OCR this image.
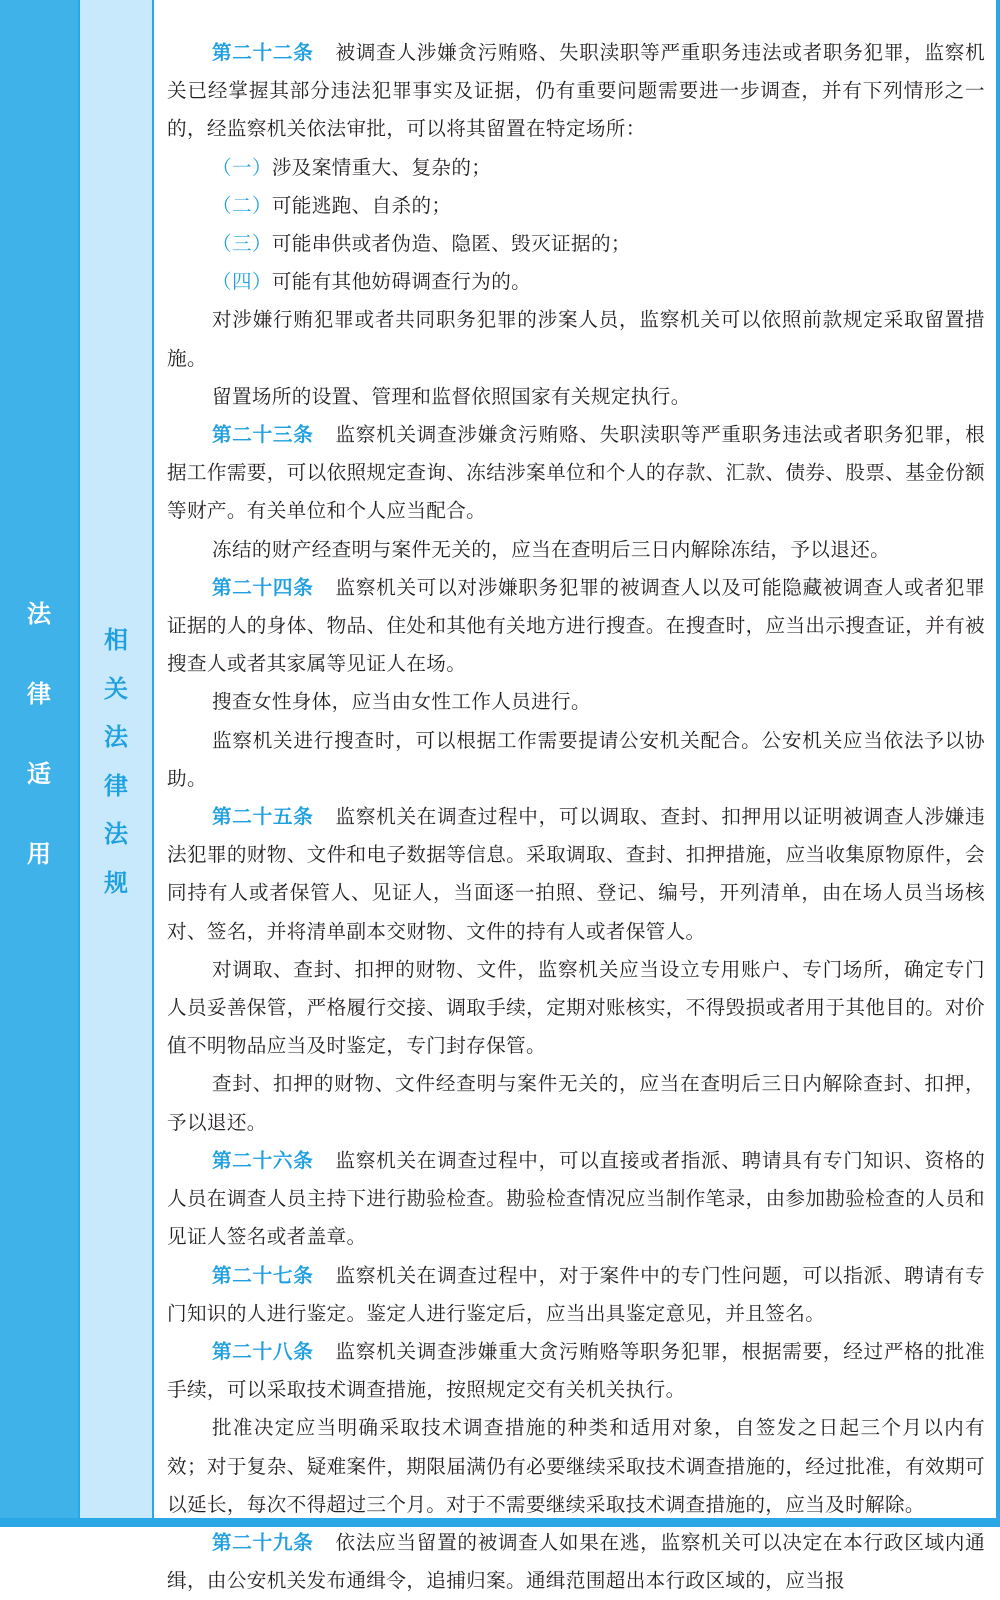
法
律
适
用
相
关
法
律
法
规

第二十二条 被调查人涉嫌贪污贿赂、失职渎职等严重职务违法或者职务犯罪，监察机关已经掌握其部分违法犯罪事实及证据，仍有重要问题需要进一步调查，并有下列情形之一的，经监察机关依法审批，可以将其留置在特定场所：

（一）涉及案情重大、复杂的；

（二）可能逃跑、自杀的；

（三）可能串供或者伪造、隐匿、毁灭证据的；

（四）可能有其他妨碍调查行为的。

对涉嫌行贿犯罪或者共同职务犯罪的涉案人员，监察机关可以依照前款规定采取留置措施。

留置场所的设置、管理和监督依照国家有关规定执行。

第二十三条 监察机关调查涉嫌贪污贿赂、失职渎职等严重职务违法或者职务犯罪，根据工作需要，可以依照规定查询、冻结涉案单位和个人的存款、汇款、债券、股票、基金份额等财产。有关单位和个人应当配合。

冻结的财产经查明与案件无关的，应当在查明后三日内解除冻结，予以退还。

第二十四条 监察机关可以对涉嫌职务犯罪的被调查人以及可能隐藏被调查人或者犯罪证据的人的身体、物品、住处和其他有关地方进行搜查。在搜查时，应当出示搜查证，并有被搜查人或者其家属等见证人在场。

搜查女性身体，应当由女性工作人员进行。

监察机关进行搜查时，可以根据工作需要提请公安机关配合。公安机关应当依法予以协助。

第二十五条 监察机关在调查过程中，可以调取、查封、扣押用以证明被调查人涉嫌违法犯罪的财物、文件和电子数据等信息。采取调取、查封、扣押措施，应当收集原物原件，会同持有人或者保管人、见证人，当面逐一拍照、登记、编号，开列清单，由在场人员当场核对、签名，并将清单副本交财物、文件的持有人或者保管人。

对调取、查封、扣押的财物、文件，监察机关应当设立专用账户、专门场所，确定专门人员妥善保管，严格履行交接、调取手续，定期对账核实，不得毁损或者用于其他目的。对价值不明物品应当及时鉴定，专门封存保管。

查封、扣押的财物、文件经查明与案件无关的，应当在查明后三日内解除查封、扣押，予以退还。

第二十六条 监察机关在调查过程中，可以直接或者指派、聘请具有专门知识、资格的人员在调查人员主持下进行勘验检查。勘验检查情况应当制作笔录，由参加勘验检查的人员和见证人签名或者盖章。

第二十七条 监察机关在调查过程中，对于案件中的专门性问题，可以指派、聘请有专门知识的人进行鉴定。鉴定人进行鉴定后，应当出具鉴定意见，并且签名。

第二十八条 监察机关调查涉嫌重大贪污贿赂等职务犯罪，根据需要，经过严格的批准手续，可以采取技术调查措施，按照规定交有关机关执行。

批准决定应当明确采取技术调查措施的种类和适用对象，自签发之日起三个月以内有效；对于复杂、疑难案件，期限届满仍有必要继续采取技术调查措施的，经过批准，有效期可以延长，每次不得超过三个月。对于不需要继续采取技术调查措施的，应当及时解除。

第二十九条 依法应当留置的被调查人如果在逃，监察机关可以决定在本行政区域内通缉，由公安机关发布通缉令，追捕归案。通缉范围超出本行政区域的，应当报
